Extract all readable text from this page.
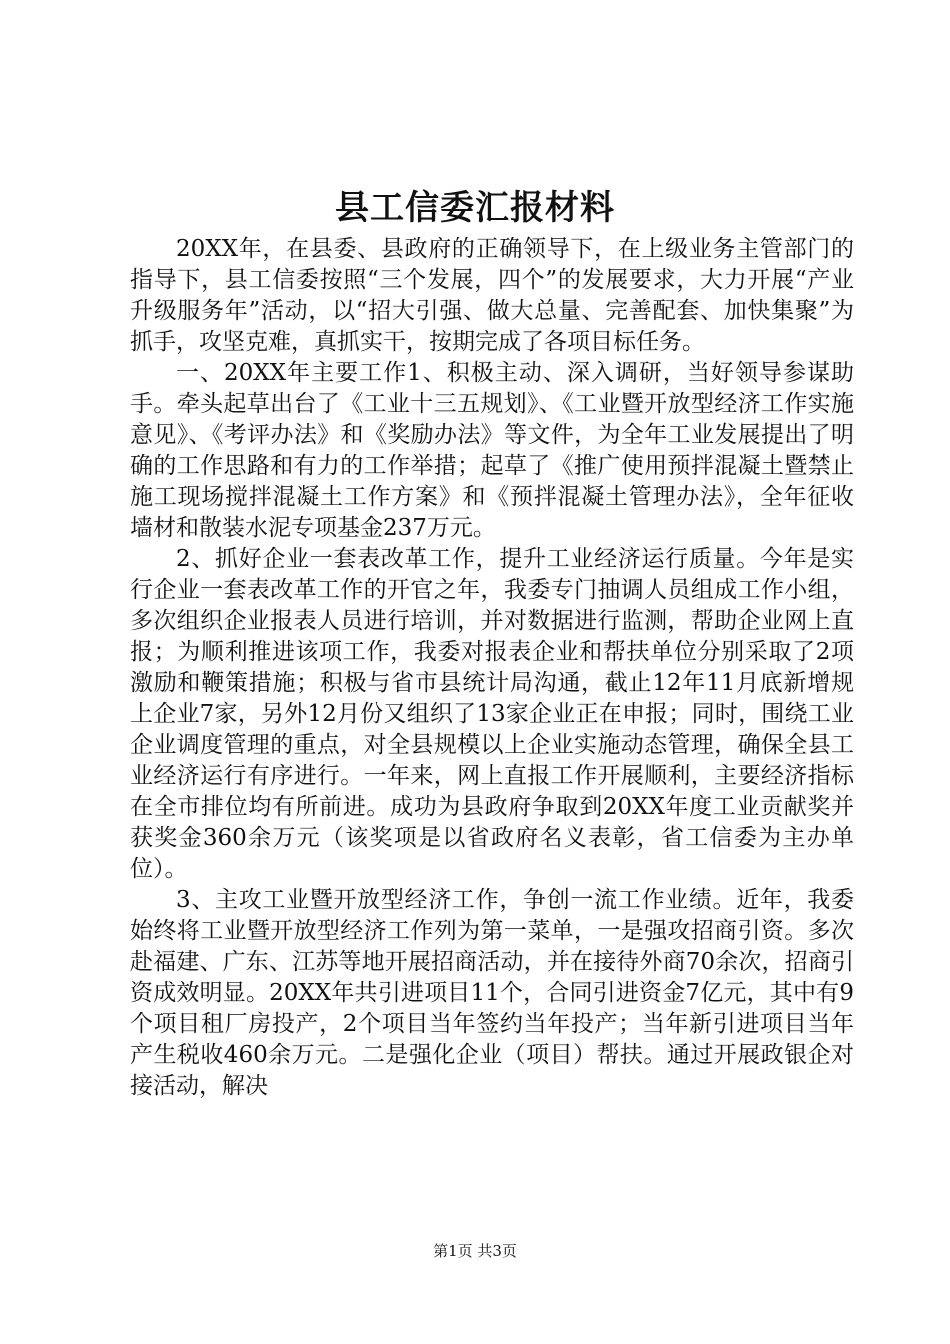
县工信委汇报材料

20XX年，在县委、县政府的正确领导下，在上级业务主管部门的指导下，县工信委按照“三个发展，四个”的发展要求，大力开展“产业升级服务年”活动，以“招大引强、做大总量、完善配套、加快集聚”为抓手，攻坚克难，真抓实干，按期完成了各项目标任务。

一、20XX年主要工作1、积极主动、深入调研，当好领导参谋助手。牵头起草出台了《工业十三五规划》、《工业暨开放型经济工作实施意见》、《考评办法》和《奖励办法》等文件，为全年工业发展提出了明确的工作思路和有力的工作举措；起草了《推广使用预拌混凝土暨禁止施工现场搅拌混凝土工作方案》和《预拌混凝土管理办法》，全年征收墙材和散装水泥专项基金237万元。

2、抓好企业一套表改革工作，提升工业经济运行质量。今年是实行企业一套表改革工作的开官之年，我委专门抽调人员组成工作小组，多次组织企业报表人员进行培训，并对数据进行监测，帮助企业网上直报；为顺利推进该项工作，我委对报表企业和帮扶单位分别采取了2项激励和鞭策措施；积极与省市县统计局沟通，截止12年11月底新增规上企业7家，另外12月份又组织了13家企业正在申报；同时，围绕工业企业调度管理的重点，对全县规模以上企业实施动态管理，确保全县工业经济运行有序进行。一年来，网上直报工作开展顺利，主要经济指标在全市排位均有所前进。成功为县政府争取到20XX年度工业贡献奖并获奖金360余万元（该奖项是以省政府名义表彰，省工信委为主办单位）。

3、主攻工业暨开放型经济工作，争创一流工作业绩。近年，我委始终将工业暨开放型经济工作列为第一菜单，一是强攻招商引资。多次赴福建、广东、江苏等地开展招商活动，并在接待外商70余次，招商引资成效明显。20XX年共引进项目11个，合同引进资金7亿元，其中有9个项目租厂房投产，2个项目当年签约当年投产；当年新引进项目当年产生税收460余万元。二是强化企业（项目）帮扶。通过开展政银企对接活动，解决

第1页 共3页
